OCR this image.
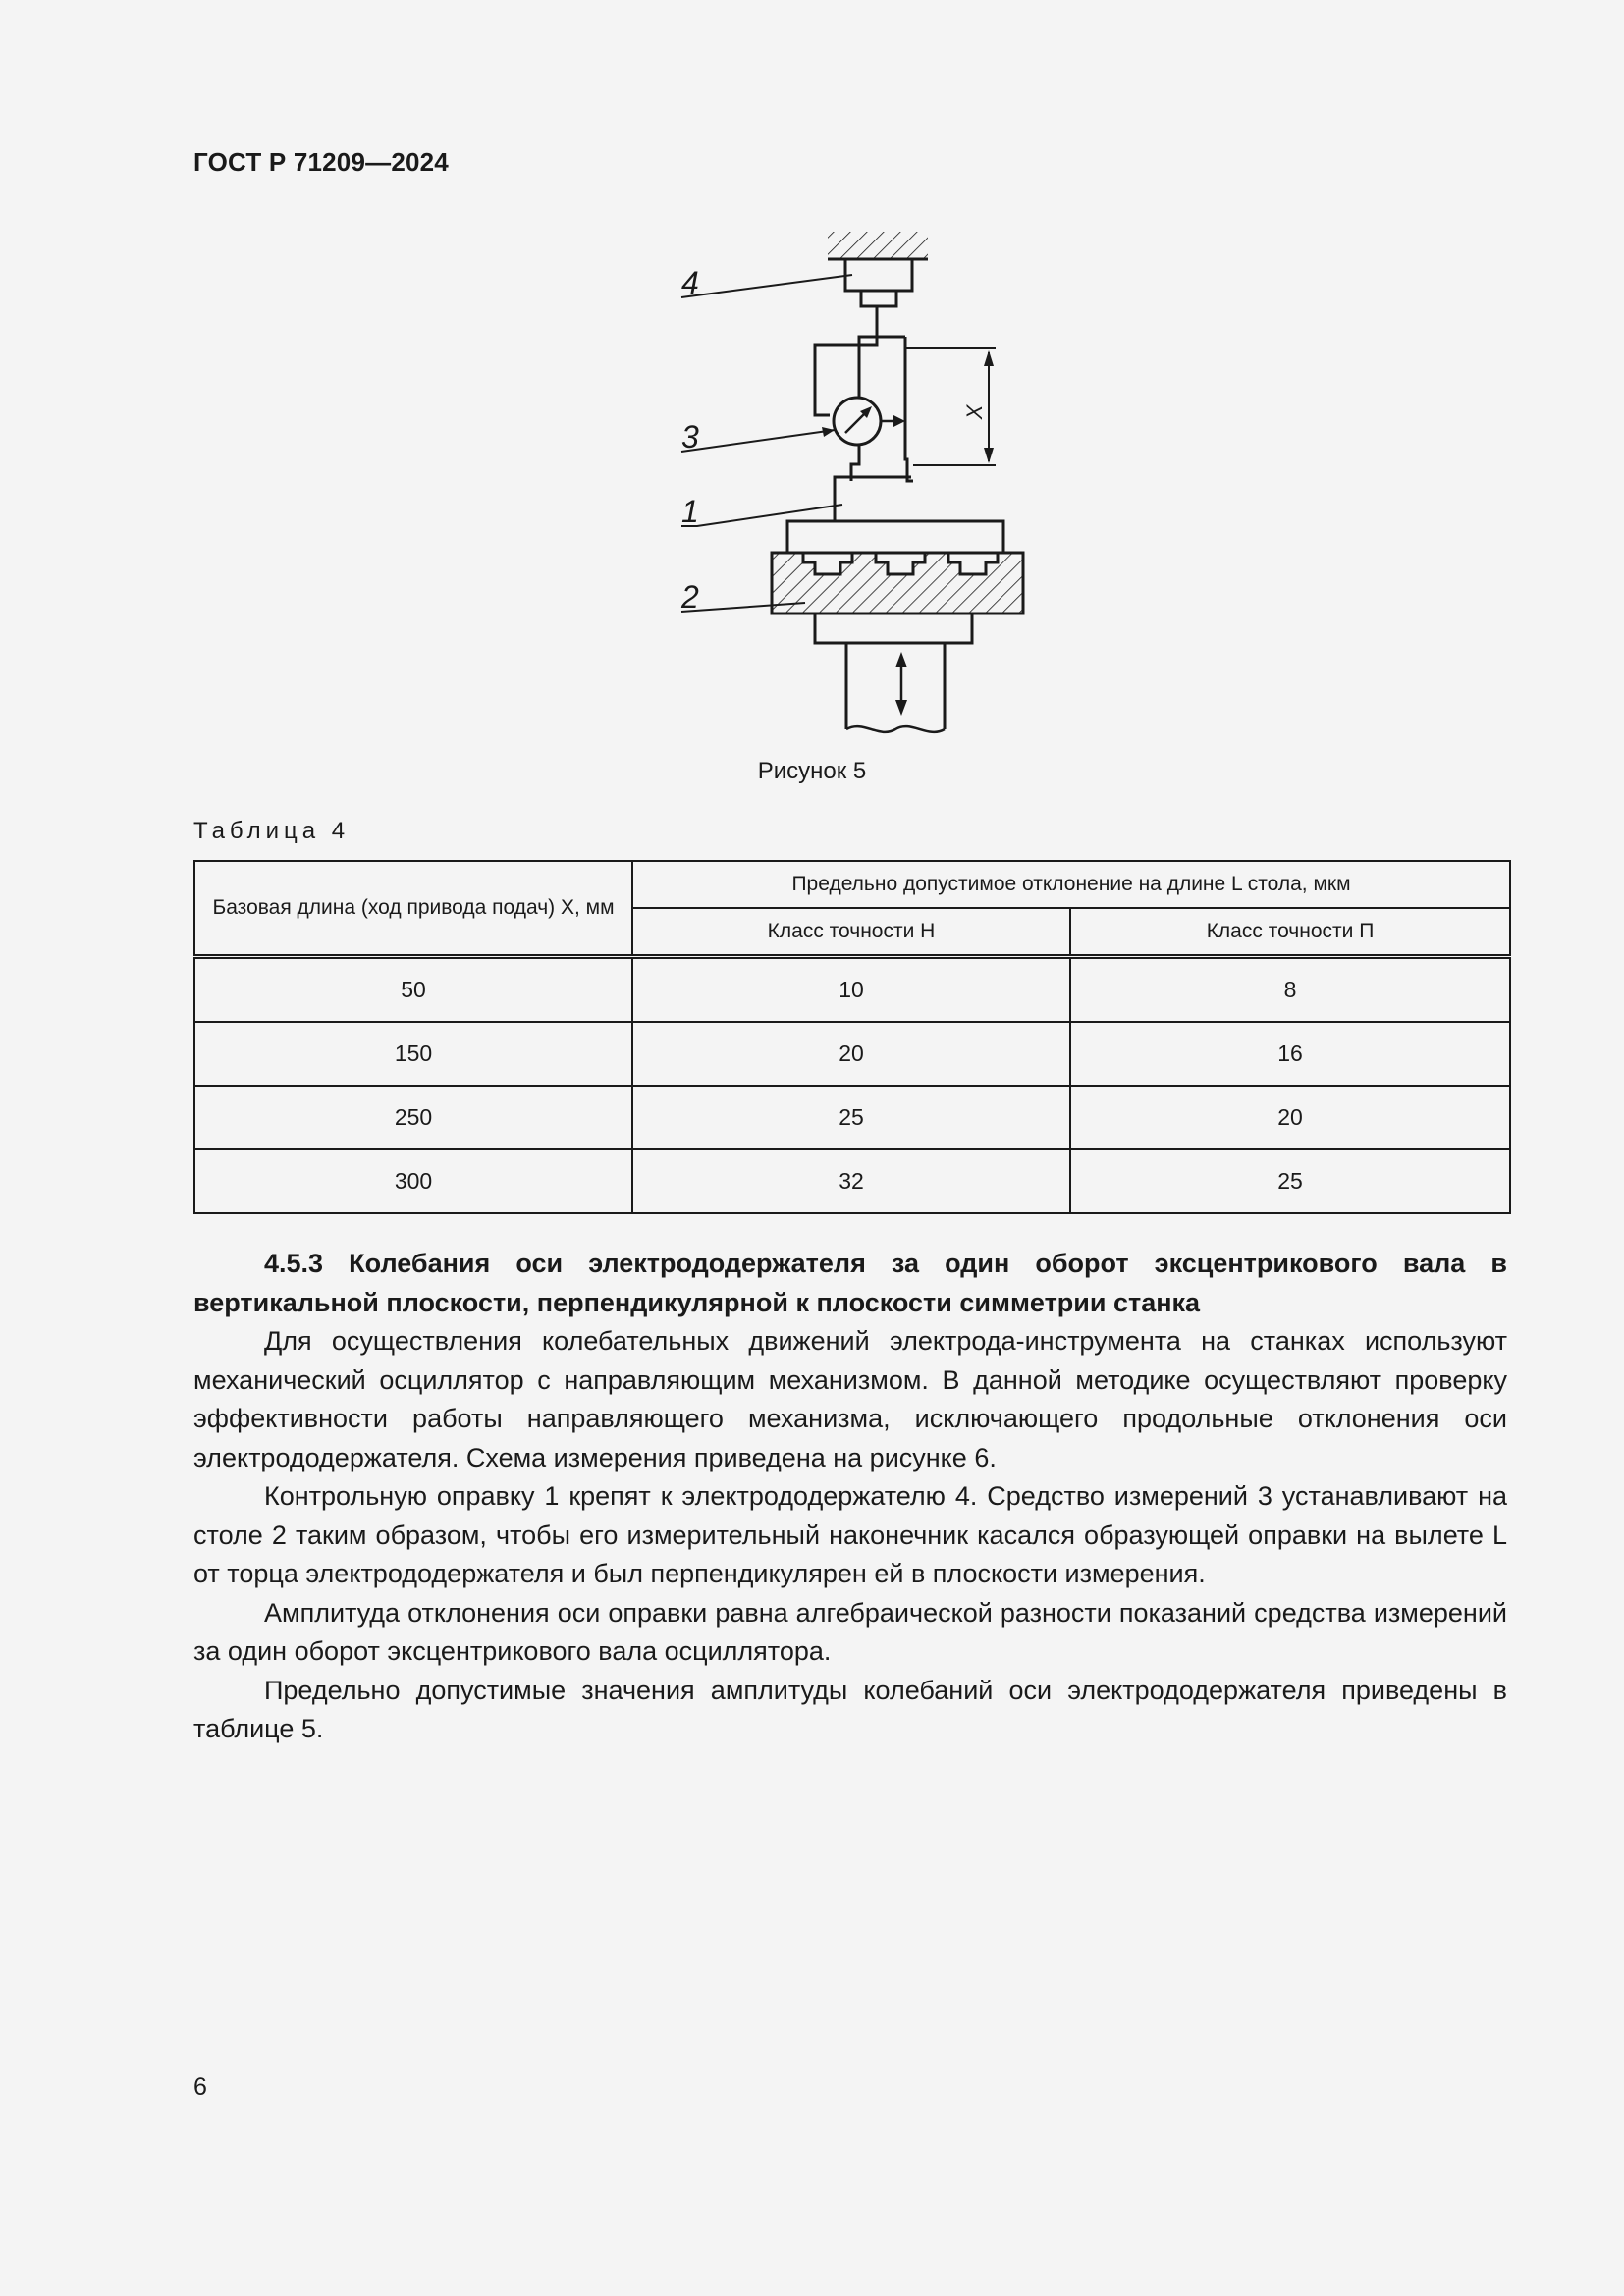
ГОСТ Р 71209—2024
X
4
3
1
2
Рисунок 5
Таблица 4
Базовая длина (ход привода подач) X, мм	Предельно допустимое отклонение на длине L стола, мкм	
	Класс точности Н	Класс точности П
50	10	8
150	20	16
250	25	20
300	32	25

4.5.3 Колебания оси электрододержателя за один оборот эксцентрикового вала в вертикальной плоскости, перпендикулярной к плоскости симметрии станка

Для осуществления колебательных движений электрода-инструмента на станках используют механический осциллятор с направляющим механизмом. В данной методике осуществляют проверку эффективности работы направляющего механизма, исключающего продольные отклонения оси электрододержателя. Схема измерения приведена на рисунке 6.

Контрольную оправку 1 крепят к электрододержателю 4. Средство измерений 3 устанавливают на столе 2 таким образом, чтобы его измерительный наконечник касался образующей оправки на вылете L от торца электрододержателя и был перпендикулярен ей в плоскости измерения.

Амплитуда отклонения оси оправки равна алгебраической разности показаний средства измерений за один оборот эксцентрикового вала осциллятора.

Предельно допустимые значения амплитуды колебаний оси электрододержателя приведены в таблице 5.

6
